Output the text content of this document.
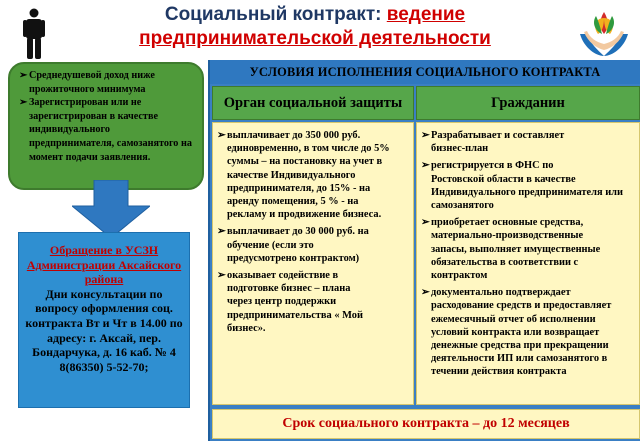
Социальный контракт: ведение предпринимательской деятельности
➢ Среднедушевой доход ниже прожиточного минимума
➢ Зарегистрирован или не зарегистрирован в качестве индивидуального предпринимателя, самозанятого на момент подачи заявления.
Обращение в УСЗН Администрации Аксайского района
Дни консультации по вопросу оформления соц. контракта Вт и Чт в 14.00 по адресу: г. Аксай, пер. Бондарчука, д. 16 каб. № 4
8(86350) 5-52-70;
УСЛОВИЯ ИСПОЛНЕНИЯ СОЦИАЛЬНОГО КОНТРАКТА
Орган социальной защиты	Гражданин
➢ выплачивает до 350 000 руб.
единовременно, в том числе до 5%
суммы – на постановку на учет в
качестве Индивидуального
предпринимателя, до 15% - на
аренду помещения, 5 % - на
рекламу и продвижение бизнеса.
➢ выплачивает до 30 000 руб. на
обучение (если это
предусмотрено контрактом)
➢ оказывает содействие в
подготовке бизнес – плана
через центр поддержки
предпринимательства « Мой
бизнес».
➢ Разрабатывает и составляет
бизнес-план
➢ регистрируется в ФНС по
Ростовской области в качестве
Индивидуального предпринимателя или
самозанятого
➢ приобретает основные средства,
материально-производственные
запасы, выполняет имущественные
обязательства в соответствии с
контрактом
➢ документально подтверждает
расходование средств и предоставляет
ежемесячный отчет об исполнении
условий контракта или возвращает
денежные средства при прекращении
деятельности ИП или самозанятого в
течении действия контракта
Срок социального контракта – до 12 месяцев
